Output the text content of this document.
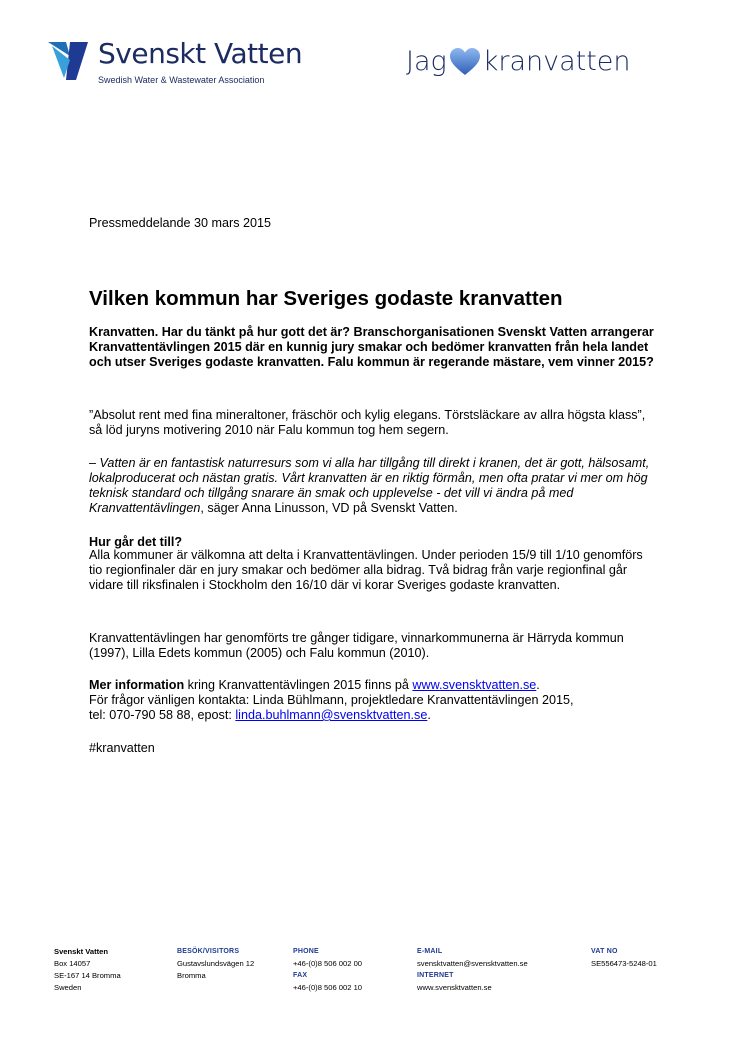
Svenskt Vatten
Swedish Water & Wastewater Association
Jag kranvatten
Pressmeddelande 30 mars 2015
Vilken kommun har Sveriges godaste kranvatten
Kranvatten. Har du tänkt på hur gott det är? Branschorganisationen Svenskt Vatten arrangerar Kranvattentävlingen 2015 där en kunnig jury smakar och bedömer kranvatten från hela landet och utser Sveriges godaste kranvatten. Falu kommun är regerande mästare, vem vinner 2015?
”Absolut rent med fina mineraltoner, fräschör och kylig elegans. Törstsläckare av allra högsta klass”, så löd juryns motivering 2010 när Falu kommun tog hem segern.
– Vatten är en fantastisk naturresurs som vi alla har tillgång till direkt i kranen, det är gott, hälsosamt, lokalproducerat och nästan gratis. Vårt kranvatten är en riktig förmån, men ofta pratar vi mer om hög teknisk standard och tillgång snarare än smak och upplevelse - det vill vi ändra på med Kranvattentävlingen, säger Anna Linusson, VD på Svenskt Vatten.
Hur går det till?
Alla kommuner är välkomna att delta i Kranvattentävlingen. Under perioden 15/9 till 1/10 genomförs tio regionfinaler där en jury smakar och bedömer alla bidrag. Två bidrag från varje regionfinal går vidare till riksfinalen i Stockholm den 16/10 där vi korar Sveriges godaste kranvatten.
Kranvattentävlingen har genomförts tre gånger tidigare, vinnarkommunerna är Härryda kommun (1997), Lilla Edets kommun (2005) och Falu kommun (2010).
Mer information kring Kranvattentävlingen 2015 finns på www.svensktvatten.se.
För frågor vänligen kontakta: Linda Bühlmann, projektledare Kranvattentävlingen 2015,
tel: 070-790 58 88, epost: linda.buhlmann@svensktvatten.se.
#kranvatten
Svenskt Vatten
Box 14057
SE-167 14 Bromma
Sweden
BESÖK/VISITORS
Gustavslundsvägen 12
Bromma
PHONE
+46-(0)8 506 002 00
FAX
+46-(0)8 506 002 10
E-MAIL
svensktvatten@svensktvatten.se
INTERNET
www.svensktvatten.se
VAT NO
SE556473-5248-01
